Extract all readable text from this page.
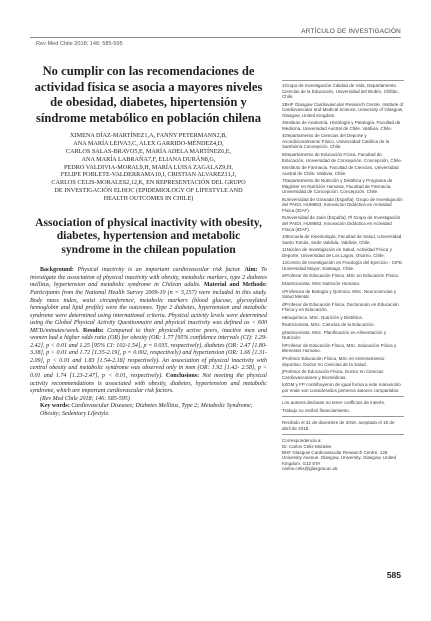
ARTÍCULO DE INVESTIGACIÓN
Rev Med Chile 2018; 146: 585-595
No cumplir con las recomendaciones de actividad física se asocia a mayores niveles de obesidad, diabetes, hipertensión y síndrome metabólico en población chilena
XIMENA DÍAZ-MARTÍNEZ1,A, FANNY PETERMANN2,B,
ANA MARÍA LEIVA3,C, ALEX GARRIDO-MÉNDEZ4,D,
CARLOS SALAS-BRAVO5,E, MARÍA ADELA MARTÍNEZ6,E,
ANA MARÍA LABRAÑA7,F, ELIANA DURÁN8,G,
PEDRO VALDIVIA-MORAL9,H, MARÍA LUISA ZAGALAZ9,H,
FELIPE POBLETE-VALDERRAMA10,I, CRISTIAN ALVAREZ11,J,
CARLOS CELIS-MORALES2,12,K, EN REPRESENTACIÓN DEL GRUPO
DE INVESTIGACIÓN ELHOC (EPIDEMIOLOGY OF LIFESTYLE AND
HEALTH OUTCOMES IN CHILE)
Association of physical inactivity with obesity, diabetes, hypertension and metabolic syndrome in the chilean population
Background: Physical inactivity is an important cardiovascular risk factor. Aim: To investigate the association of physical inactivity with obesity, metabolic markers, type 2 diabetes mellitus, hypertension and metabolic syndrome in Chilean adults. Material and Methods: Participants from the National Health Survey 2009-10 (n = 5,157) were included in this study. Body mass index, waist circumference, metabolic markers (blood glucose, glycosylated hemoglobin and lipid profile) were the outcomes. Type 2 diabetes, hypertension and metabolic syndrome were determined using international criteria. Physical activity levels were determined using the Global Physical Activity Questionnaire and physical inactivity was defined as < 600 METs/minutes/week. Results: Compared to their physically active peers, inactive men and women had a higher odds ratio (OR) for obesity (OR: 1.77 [95% confidence intervals (CI): 1.29-2.42], p < 0.01 and 1.25 [95% CI: 102-1.54], p = 0.035, respectively), diabetes (OR: 2.47 [1.80-3.38], p < 0.01 and 1.72 [1.35-2.19], p = 0.002, respectively) and hypertension (OR: 1.66 [1.31-2.09], p < 0.01 and 1.83 [1.54-2.18] respectively). An association of physical inactivity with central obesity and metabolic syndrome was observed only in men (OR: 1.92 [1.42- 2.58], p < 0.01 and 1.74 [1.23-2.47], p < 0.01, respectively). Conclusions: Not meeting the physical activity recommendations is associated with obesity, diabetes, hypertension and metabolic syndrome, which are important cardiovascular risk factors.
(Rev Med Chile 2018; 146: 585-595)
Key words: Cardiovascular Diseases; Diabetes Mellitus, Type 2; Metabolic Syndrome; Obesity; Sedentary Lifestyle.
1Grupo de Investigación Calidad de Vida, Departamento Ciencias de la Educación, Universidad del Biobío, Chillán, Chile.
2BHF Glasgow Cardiovascular Research Centre, Institute of Cardiovascular and Medical Science, University of Glasgow, Glasgow, United Kingdom.
3Instituto de Anatomía, Histología y Patología. Facultad de Medicina, Universidad Austral de Chile. Valdivia. Chile.
4Departamento de Ciencias del Deporte y Acondicionamiento Físico. Universidad Católica de la Santísima Concepción. Chile.
5Departamento de Educación Física. Facultad de Educación, Universidad de Concepción. Concepción, Chile.
6Instituto de Farmacia, Facultad de Ciencias, Universidad Austral de Chile. Valdivia, Chile.
7Departamento de Nutrición y Dietética y Programa de Magíster en Nutrición Humana, Facultad de Farmacia, Universidad de Concepción. Concepción. Chile.
8Universidad de Granada (España). Grupo de Investigación del PAIDI, HUM653, Innovación Didáctica en Actividad Física (IDAF).
9Universidad de Jaén (España). Pl Grupo de Investigación del PAIDI, HUM653, Innovación Didáctica en Actividad Física (IDAF).
10Escuela de Kinesiología, Facultad de Salud, Universidad Santo Tomás, Sede Valdivia. Valdivia, Chile.
11Núcleo de Investigación en Salud, Actividad Física y Deporte, Universidad de Los Lagos, Osorno, Chile.
12Centro de Investigación en Fisiología del Ejercicio - CIFE, Universidad Mayor, Santiago, Chile.
aProfesor de Educación Física. MSc en Educación Física.
bNutricionista. MSc Nutrición Humana.
cProfesora de Biología y Química. MSc. Neurociencias y Salud Mental.
dProfesor de Educación Física, Doctorando en Educación Física y en Educación.
eBioquímica. MSc. Nutrición y Dietética.
fNutricionista. MSc. Ciencias de la Educación.
gNutricionista. MSc. Planificación en Alimentación y Nutrición.
hProfesor de Educación Física, MSc. Educación Física y Bienestar Humano.
iProfesor Educación Física, MSc en entrenamiento deportivo. Doctor en Ciencias de la Salud.
jProfesor de Educación Física, Doctor en Ciencias Cardiovasculares y Biomédicas.
kXDM y FP contribuyeron de igual forma a este manuscrito por ende son considerados primeros autores compartidos.
Los autores declaran no tener conflictos de interés.
Trabajo no recibió financiamiento.
Recibido el 31 de diciembre de 2016, aceptado el 18 de abril de 2018.
Correspondencia a:
Dr. Carlos Celis-Morales
BHF Glasgow Cardiovascular Research Centre. 126 University Avenue. Glasgow. University. Glasgow. United Kingdom. G12 8TA
carlos.celis@glasgow.ac.uk
585
